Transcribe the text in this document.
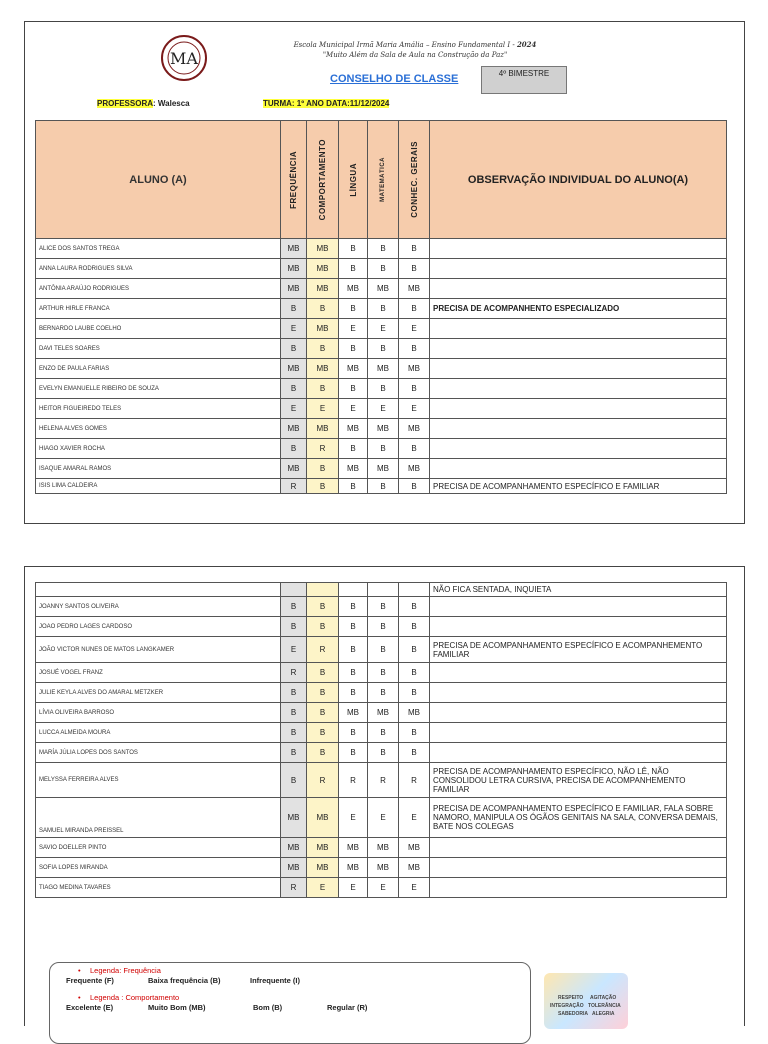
MA
Escola Municipal Irmã Maria Amália – Ensino Fundamental I - 2024
"Muito Além da Sala de Aula na Construção da Paz"
CONSELHO DE CLASSE	4º BIMESTRE
PROFESSORA: Walesca	TURMA: 1º ANO DATA:11/12/2024
ALUNO (A)	FREQUÊNCIA	COMPORTAMENTO	LÍNGUA	MATEMÁTICA	CONHEC. GERAIS	OBSERVAÇÃO INDIVIDUAL DO ALUNO(A)
ALICE DOS SANTOS TREGA	MB	MB	B	B	B	
ANNA LAURA RODRIGUES SILVA	MB	MB	B	B	B	
ANTÔNIA ARAÚJO RODRIGUES	MB	MB	MB	MB	MB	
ARTHUR HIRLE FRANCA	B	B	B	B	B	PRECISA DE ACOMPANHENTO ESPECIALIZADO
BERNARDO LAUBE COELHO	E	MB	E	E	E	
DAVI TELES SOARES	B	B	B	B	B	
ENZO DE PAULA FARIAS	MB	MB	MB	MB	MB	
EVELYN EMANUELLE RIBEIRO DE SOUZA	B	B	B	B	B	
HEITOR FIGUEIREDO TELES	E	E	E	E	E	
HELENA ALVES GOMES	MB	MB	MB	MB	MB	
HIAGO XAVIER ROCHA	B	R	B	B	B	
ISAQUE AMARAL RAMOS	MB	B	MB	MB	MB	
ISIS LIMA CALDEIRA	R	B	B	B	B	PRECISA DE ACOMPANHAMENTO ESPECÍFICO E FAMILIAR
						NÃO FICA SENTADA, INQUIETA
JOANNY SANTOS OLIVEIRA	B	B	B	B	B	
JOAO PEDRO LAGES CARDOSO	B	B	B	B	B	
JOÃO VICTOR NUNES DE MATOS LANGKAMER	E	R	B	B	B	PRECISA DE ACOMPANHAMENTO ESPECÍFICO E ACOMPANHEMENTO FAMILIAR
JOSUÉ VOGEL FRANZ	R	B	B	B	B	
JULIE KEYLA ALVES DO AMARAL METZKER	B	B	B	B	B	
LÍVIA OLIVEIRA BARROSO	B	B	MB	MB	MB	
LUCCA ALMEIDA MOURA	B	B	B	B	B	
MARÍA JÚLIA LOPES DOS SANTOS	B	B	B	B	B	
MELYSSA FERREIRA ALVES	B	R	R	R	R	PRECISA DE ACOMPANHAMENTO ESPECÍFICO, NÃO LÊ, NÃO CONSOLIDOU LETRA CURSIVA, PRECISA DE ACOMPANHEMENTO FAMILIAR
SAMUEL MIRANDA PREISSEL	MB	MB	E	E	E	PRECISA DE ACOMPANHAMENTO ESPECÍFICO E FAMILIAR, FALA SOBRE NAMORO, MANIPULA OS ÓGÃOS GENITAIS NA SALA, CONVERSA DEMAIS, BATE NOS COLEGAS
SAVIO DOELLER PINTO	MB	MB	MB	MB	MB	
SOFIA LOPES MIRANDA	MB	MB	MB	MB	MB	
TIAGO MEDINA TAVARES	R	E	E	E	E	
• Legenda: Frequência
Frequente (F)	Baixa frequência (B)	Infrequente (I)
• Legenda : Comportamento
Excelente (E)	Muito Bom (MB)	Bom (B)	Regular (R)
RESPEITO AGITAÇÃO
INTEGRAÇÃO TOLERÂNCIA
SABEDORIA ALEGRIA
